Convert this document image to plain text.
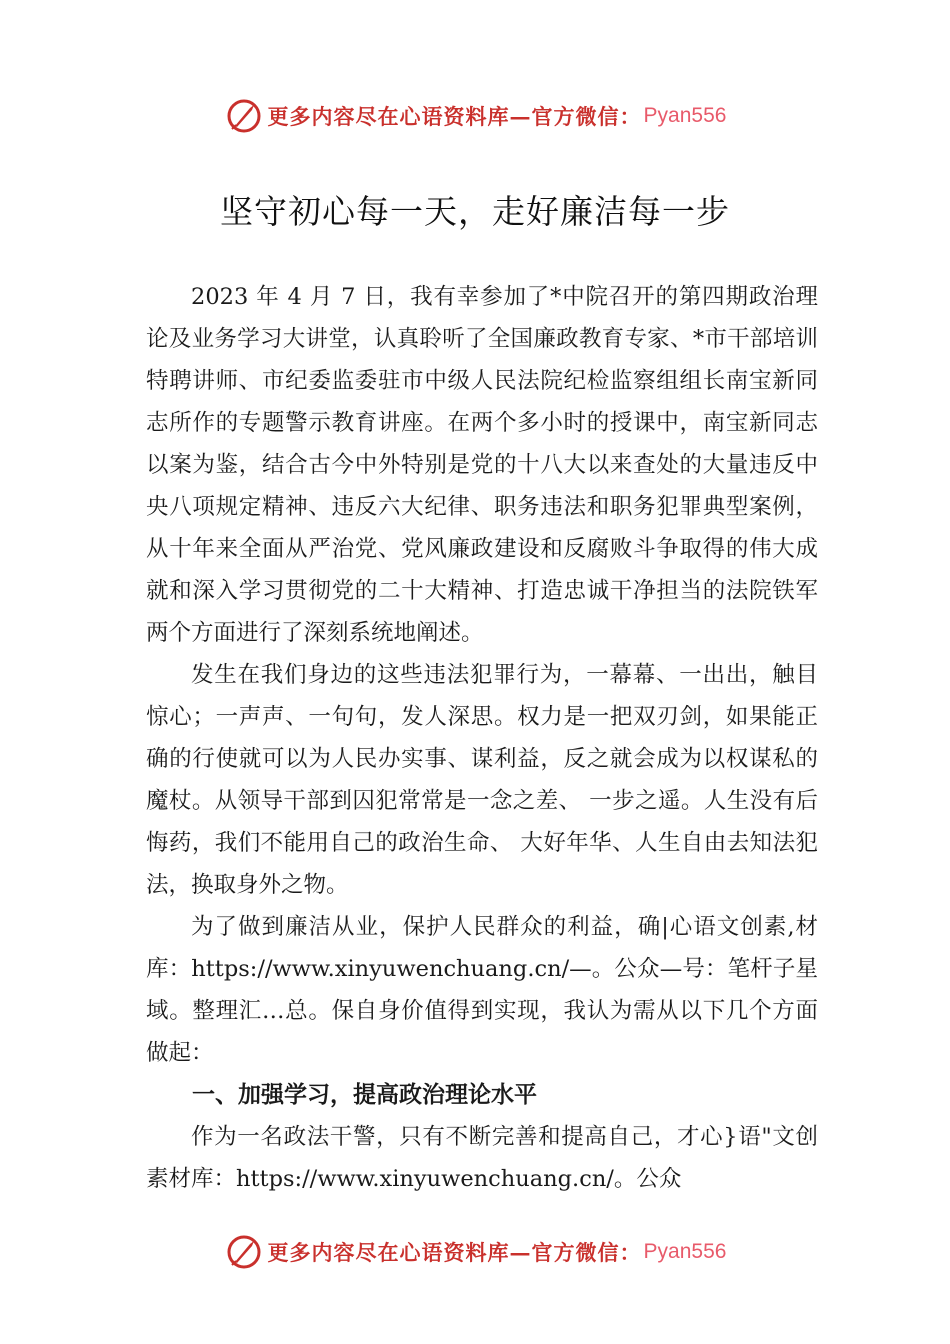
更多内容尽在心语资料库—官方微信： Pyan556
坚守初心每一天，走好廉洁每一步

2023 年 4 月 7 日，我有幸参加了*中院召开的第四期政治理论及业务学习大讲堂，认真聆听了全国廉政教育专家、*市干部培训特聘讲师、市纪委监委驻市中级人民法院纪检监察组组长南宝新同志所作的专题警示教育讲座。在两个多小时的授课中，南宝新同志以案为鉴，结合古今中外特别是党的十八大以来查处的大量违反中央八项规定精神、违反六大纪律、职务违法和职务犯罪典型案例，从十年来全面从严治党、党风廉政建设和反腐败斗争取得的伟大成就和深入学习贯彻党的二十大精神、打造忠诚干净担当的法院铁军两个方面进行了深刻系统地阐述。

发生在我们身边的这些违法犯罪行为，一幕幕、一出出，触目惊心；一声声、一句句，发人深思。权力是一把双刃剑，如果能正确的行使就可以为人民办实事、谋利益，反之就会成为以权谋私的魔杖。从领导干部到囚犯常常是一念之差、 一步之遥。人生没有后悔药，我们不能用自己的政治生命、 大好年华、人生自由去知法犯法，换取身外之物。

为了做到廉洁从业，保护人民群众的利益，确|心语文创素,材库：https://www.xinyuwenchuang.cn/—。公众—号：笔杆子星域。整理汇…总。保自身价值得到实现，我认为需从以下几个方面做起：

一、加强学习，提高政治理论水平

作为一名政法干警，只有不断完善和提高自己，才心}语"文创素材库：https://www.xinyuwenchuang.cn/。公众

更多内容尽在心语资料库—官方微信： Pyan556
